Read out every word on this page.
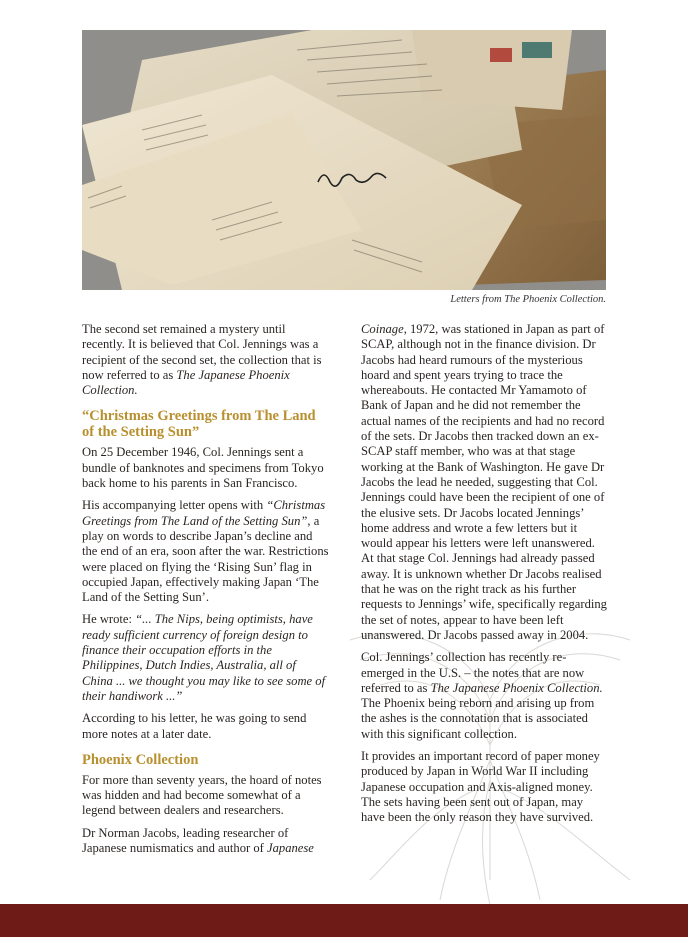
Letters from The Phoenix Collection.

The second set remained a mystery until recently. It is believed that Col. Jennings was a recipient of the second set, the collection that is now referred to as The Japanese Phoenix Collection.

“Christmas Greetings from The Land of the Setting Sun”

On 25 December 1946, Col. Jennings sent a bundle of banknotes and specimens from Tokyo back home to his parents in San Francisco.

His accompanying letter opens with “Christmas Greetings from The Land of the Setting Sun”, a play on words to describe Japan’s decline and the end of an era, soon after the war. Restrictions were placed on flying the ‘Rising Sun’ flag in occupied Japan, effectively making Japan ‘The Land of the Setting Sun’.

He wrote: “... The Nips, being optimists, have ready sufficient currency of foreign design to finance their occupation efforts in the Philippines, Dutch Indies, Australia, all of China ... we thought you may like to see some of their handiwork ...”

According to his letter, he was going to send more notes at a later date.

Phoenix Collection

For more than seventy years, the hoard of notes was hidden and had become somewhat of a legend between dealers and researchers.

Dr Norman Jacobs, leading researcher of Japanese numismatics and author of Japanese

Coinage, 1972, was stationed in Japan as part of SCAP, although not in the finance division. Dr Jacobs had heard rumours of the mysterious hoard and spent years trying to trace the whereabouts. He contacted Mr Yamamoto of Bank of Japan and he did not remember the actual names of the recipients and had no record of the sets. Dr Jacobs then tracked down an ex-SCAP staff member, who was at that stage working at the Bank of Washington. He gave Dr Jacobs the lead he needed, suggesting that Col. Jennings could have been the recipient of one of the elusive sets. Dr Jacobs located Jennings’ home address and wrote a few letters but it would appear his letters were left unanswered. At that stage Col. Jennings had already passed away. It is unknown whether Dr Jacobs realised that he was on the right track as his further requests to Jennings’ wife, specifically regarding the set of notes, appear to have been left unanswered. Dr Jacobs passed away in 2004.

Col. Jennings’ collection has recently re-emerged in the U.S. – the notes that are now referred to as The Japanese Phoenix Collection. The Phoenix being reborn and arising up from the ashes is the connotation that is associated with this significant collection.

It provides an important record of paper money produced by Japan in World War II including Japanese occupation and Axis-aligned money. The sets having been sent out of Japan, may have been the only reason they have survived.
